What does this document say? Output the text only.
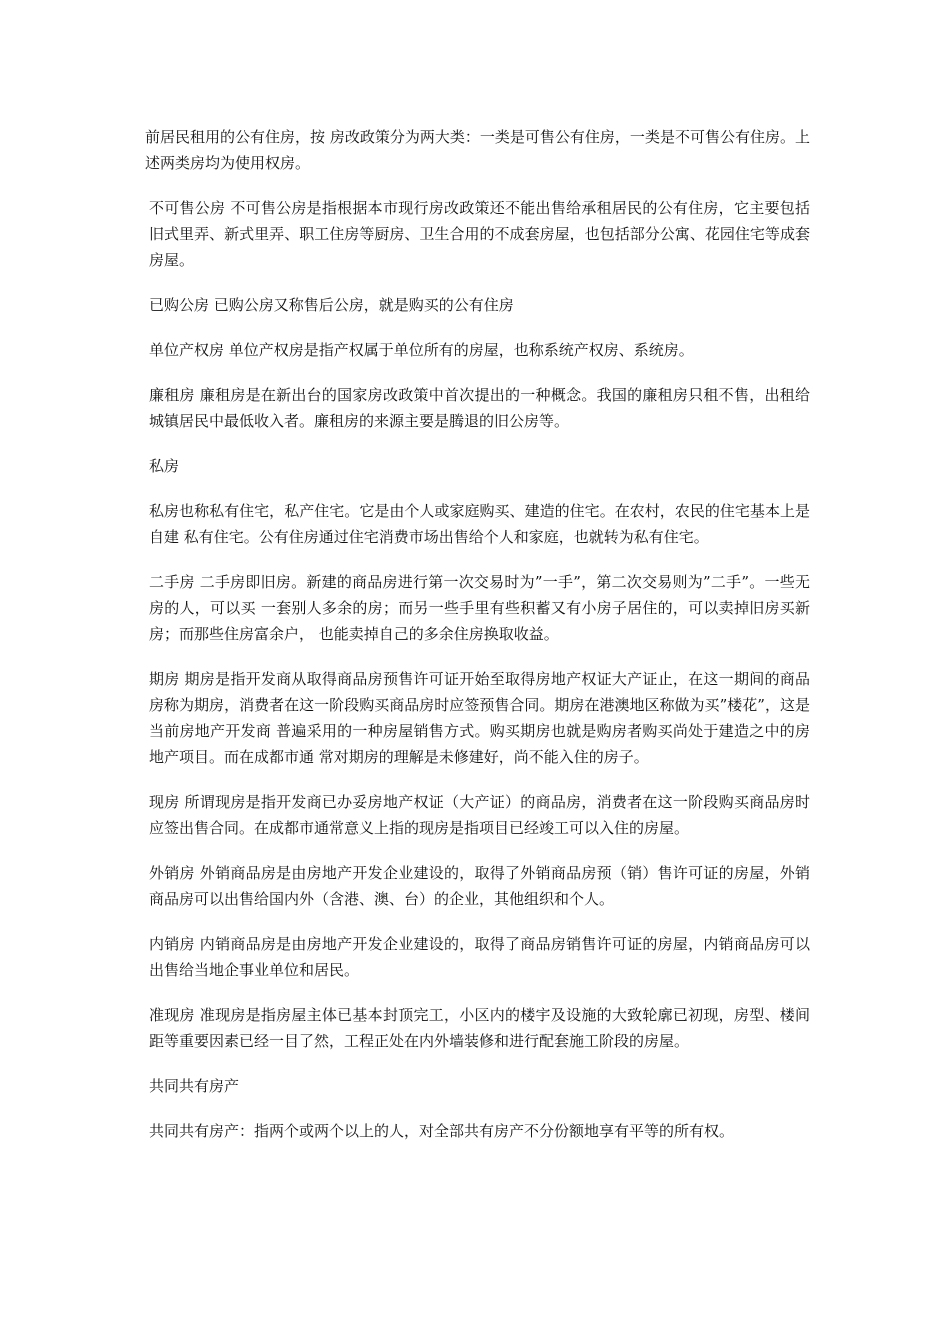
前居民租用的公有住房，按 房改政策分为两大类：一类是可售公有住房，一类是不可售公有住房。上述两类房均为使用权房。

不可售公房 不可售公房是指根据本市现行房改政策还不能出售给承租居民的公有住房，它主要包括旧式里弄、新式里弄、职工住房等厨房、卫生合用的不成套房屋，也包括部分公寓、花园住宅等成套房屋。

已购公房 已购公房又称售后公房，就是购买的公有住房

单位产权房 单位产权房是指产权属于单位所有的房屋，也称系统产权房、系统房。

廉租房 廉租房是在新出台的国家房改政策中首次提出的一种概念。我国的廉租房只租不售，出租给城镇居民中最低收入者。廉租房的来源主要是腾退的旧公房等。

私房

私房也称私有住宅，私产住宅。它是由个人或家庭购买、建造的住宅。在农村，农民的住宅基本上是自建 私有住宅。公有住房通过住宅消费市场出售给个人和家庭，也就转为私有住宅。

二手房 二手房即旧房。新建的商品房进行第一次交易时为”一手”，第二次交易则为”二手”。一些无房的人，可以买 一套别人多余的房；而另一些手里有些积蓄又有小房子居住的，可以卖掉旧房买新房；而那些住房富余户， 也能卖掉自己的多余住房换取收益。

期房 期房是指开发商从取得商品房预售许可证开始至取得房地产权证大产证止，在这一期间的商品房称为期房，消费者在这一阶段购买商品房时应签预售合同。期房在港澳地区称做为买”楼花”，这是当前房地产开发商 普遍采用的一种房屋销售方式。购买期房也就是购房者购买尚处于建造之中的房地产项目。而在成都市通 常对期房的理解是未修建好，尚不能入住的房子。

现房 所谓现房是指开发商已办妥房地产权证（大产证）的商品房，消费者在这一阶段购买商品房时应签出售合同。在成都市通常意义上指的现房是指项目已经竣工可以入住的房屋。

外销房 外销商品房是由房地产开发企业建设的，取得了外销商品房预（销）售许可证的房屋，外销商品房可以出售给国内外（含港、澳、台）的企业，其他组织和个人。

内销房 内销商品房是由房地产开发企业建设的，取得了商品房销售许可证的房屋，内销商品房可以出售给当地企事业单位和居民。

准现房 准现房是指房屋主体已基本封顶完工，小区内的楼宇及设施的大致轮廓已初现，房型、楼间距等重要因素已经一目了然，工程正处在内外墙装修和进行配套施工阶段的房屋。

共同共有房产

共同共有房产：指两个或两个以上的人，对全部共有房产不分份额地享有平等的所有权。
